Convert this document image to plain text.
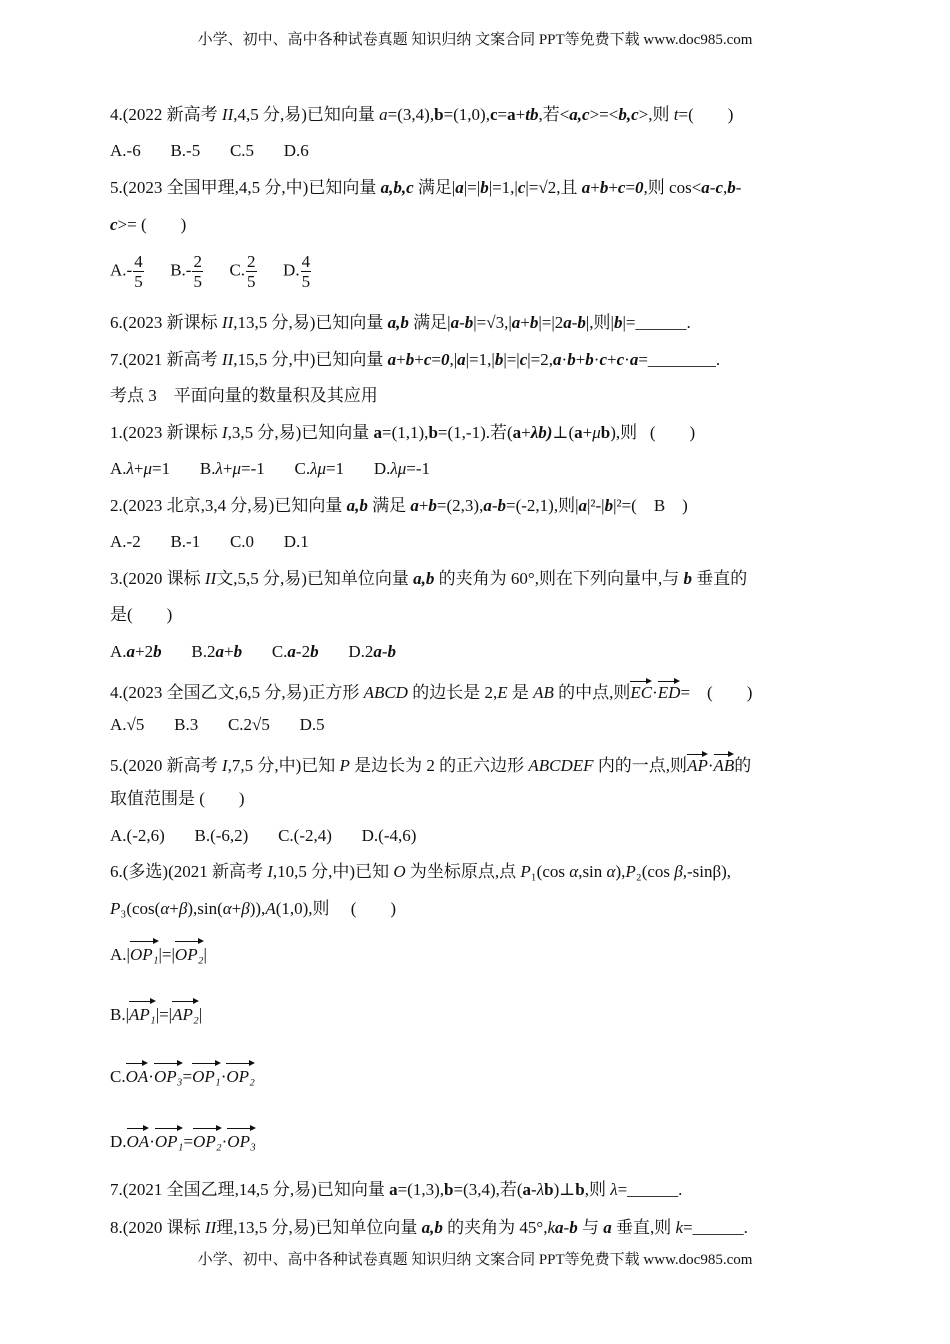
小学、初中、高中各种试卷真题 知识归纳 文案合同 PPT等免费下载 www.doc985.com
4.(2022 新高考 II,4,5 分,易)已知向量 a=(3,4),b=(1,0),c=a+tb,若<a,c>=<b,c>,则 t=(        )
A.-6       B.-5       C.5       D.6
5.(2023 全国甲理,4,5 分,中)已知向量 a,b,c 满足|a|=|b|=1,|c|=√2,且 a+b+c=0,则 cos<a-c,b-
c>= (        )
$A.- \frac{4}{5} B.- \frac{2}{5} C$. $\frac{2}{5} D$. $\frac{4}{5}$
6.(2023 新课标 II,13,5 分,易)已知向量 a,b 满足|a-b|=√3,|a+b|=|2a-b|,则|b|=______.
7.(2021 新高考 II,15,5 分,中)已知向量 a+b+c=0,|a|=1,|b|=|c|=2,a·b+b·c+c·a=________.
考点 3    平面向量的数量积及其应用
1.(2023 新课标 I,3,5 分,易)已知向量 a=(1,1),b=(1,-1).若(a+λb)⊥(a+μb),则   (        )
A.λ+μ=1       B.λ+μ=-1       C.λμ=1       D.λμ=-1
2.(2023 北京,3,4 分,易)已知向量 a,b 满足 a+b=(2,3),a-b=(-2,1),则|a|²-|b|²=(    B    )
A.-2       B.-1       C.0       D.1
3.(2020 课标 II文,5,5 分,易)已知单位向量 a,b 的夹角为 60°,则在下列向量中,与 b 垂直的
是(        )
A.a+2b       B.2a+b       C.a-2b       D.2a-b
4.(2023 全国乙文,6,5 分,易)正方形 ABCD 的边长是 2,E 是 AB 的中点,则EC·ED=    (        )
A.√5       B.3       C.2√5       D.5
5.(2020 新高考 I,7,5 分,中)已知 P 是边长为 2 的正六边形 ABCDEF 内的一点,则AP·AB的
取值范围是 (        )
A.(-2,6)       B.(-6,2)       C.(-2,4)       D.(-4,6)
6.(多选)(2021 新高考 I,10,5 分,中)已知 O 为坐标原点,点 P₁(cos α,sin α),P₂(cos β,-sinβ),
P₃(cos(α+β),sin(α+β)),A(1,0),则     (        )
A.|OP₁|=|OP₂|
B.|AP₁|=|AP₂|
C.OA·OP₃=OP₁·OP₂
D.OA·OP₁=OP₂·OP₃
7.(2021 全国乙理,14,5 分,易)已知向量 a=(1,3),b=(3,4),若(a-λb)⊥b,则 λ=______.
8.(2020 课标 II理,13,5 分,易)已知单位向量 a,b 的夹角为 45°,ka-b 与 a 垂直,则 k=______.
小学、初中、高中各种试卷真题 知识归纳 文案合同 PPT等免费下载 www.doc985.com
